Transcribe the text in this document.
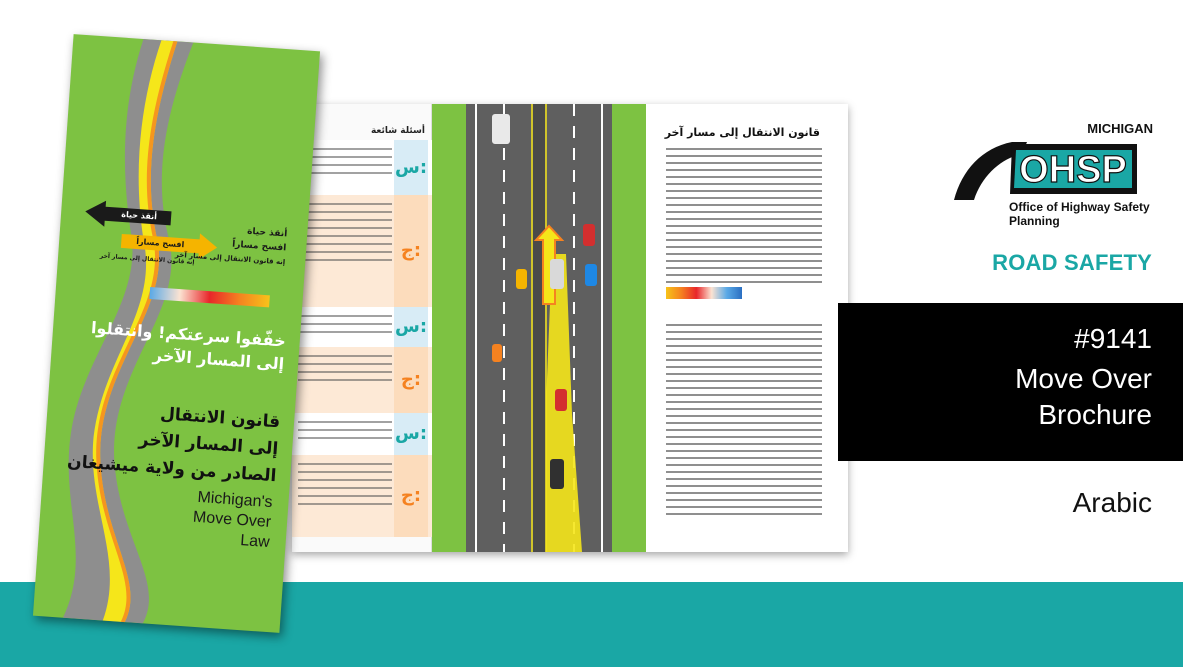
أسئلة شائعة
س:
ج:
س:
ج:
س:
ج:
قانون الانتقال إلى مسار آخر
أنقذ حياة
افسح مساراً
إنه قانون الانتقال إلى مسار آخر
أنقذ حياة
افسح مساراً
إنه قانون الانتقال إلى مسار آخر
خفّفوا سرعتكم! وانتقلوا
إلى المسار الآخر
قانون الانتقال
إلى المسار الآخر
الصادر من ولاية ميشيغان
Michigan's
Move Over
Law
MICHIGAN
OHSP
Office of Highway Safety Planning
ROAD SAFETY
#9141
Move Over
Brochure
Arabic
